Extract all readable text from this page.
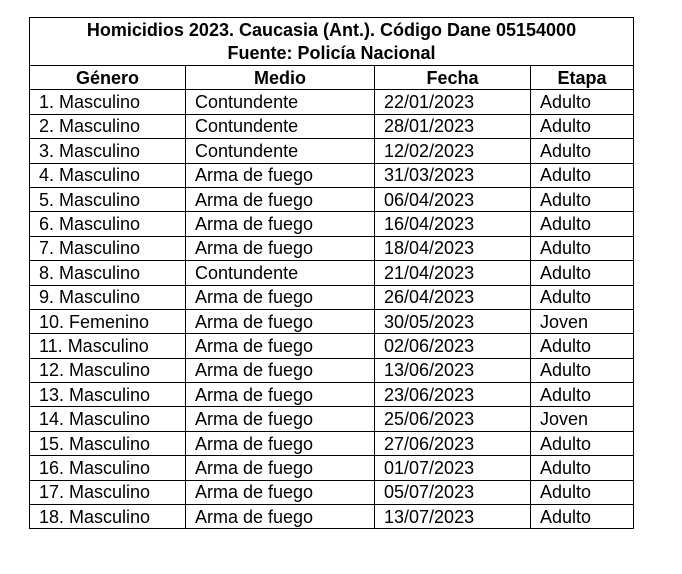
Homicidios 2023. Caucasia (Ant.). Código Dane 05154000
Fuente: Policía Nacional			

Género	Medio	Fecha	Etapa
1. Masculino	Contundente	22/01/2023	Adulto
2. Masculino	Contundente	28/01/2023	Adulto
3. Masculino	Contundente	12/02/2023	Adulto
4. Masculino	Arma de fuego	31/03/2023	Adulto
5. Masculino	Arma de fuego	06/04/2023	Adulto
6. Masculino	Arma de fuego	16/04/2023	Adulto
7. Masculino	Arma de fuego	18/04/2023	Adulto
8. Masculino	Contundente	21/04/2023	Adulto
9. Masculino	Arma de fuego	26/04/2023	Adulto
10. Femenino	Arma de fuego	30/05/2023	Joven
11. Masculino	Arma de fuego	02/06/2023	Adulto
12. Masculino	Arma de fuego	13/06/2023	Adulto
13. Masculino	Arma de fuego	23/06/2023	Adulto
14. Masculino	Arma de fuego	25/06/2023	Joven
15. Masculino	Arma de fuego	27/06/2023	Adulto
16. Masculino	Arma de fuego	01/07/2023	Adulto
17. Masculino	Arma de fuego	05/07/2023	Adulto
18. Masculino	Arma de fuego	13/07/2023	Adulto
